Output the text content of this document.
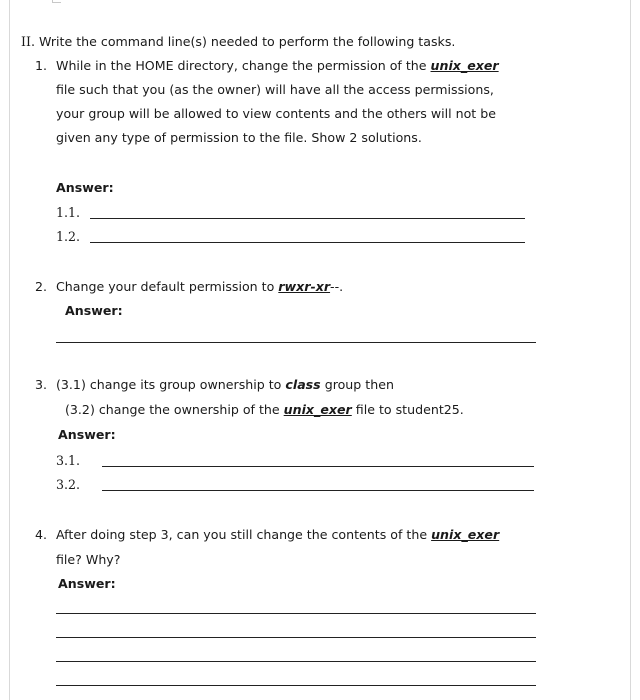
II. Write the command line(s) needed to perform the following tasks.
1. While in the HOME directory, change the permission of the unix_exer
file such that you (as the owner) will have all the access permissions,
your group will be allowed to view contents and the others will not be
given any type of permission to the file. Show 2 solutions.
Answer:
1.1.
1.2.
2. Change your default permission to rwxr-xr--.
Answer:
3. (3.1) change its group ownership to class group then
(3.2) change the ownership of the unix_exer file to student25.
Answer:
3.1.
3.2.
4. After doing step 3, can you still change the contents of the unix_exer
file? Why?
Answer:
